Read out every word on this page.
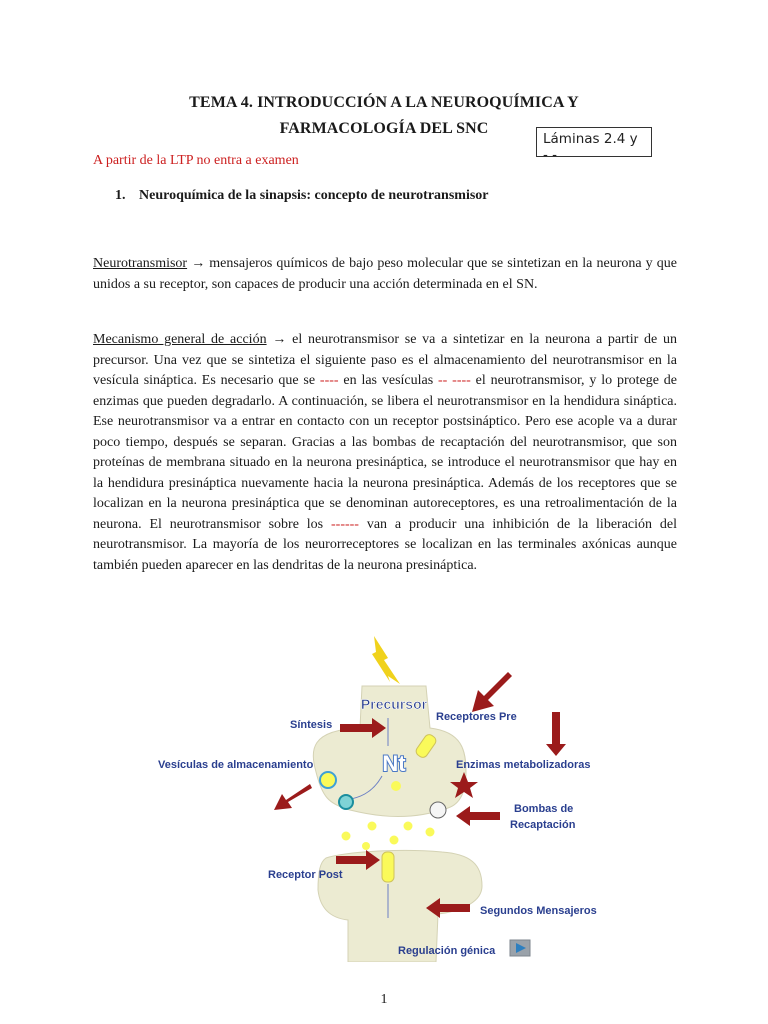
TEMA 4. INTRODUCCIÓN A LA NEUROQUÍMICA Y
FARMACOLOGÍA DEL SNC
Láminas 2.4 y
- -
A partir de la LTP no entra a examen
1. Neuroquímica de la sinapsis: concepto de neurotransmisor

Neurotransmisor → mensajeros químicos de bajo peso molecular que se sintetizan en la neurona y que unidos a su receptor, son capaces de producir una acción determinada en el SN.

Mecanismo general de acción → el neurotransmisor se va a sintetizar en la neurona a partir de un precursor. Una vez que se sintetiza el siguiente paso es el almacenamiento del neurotransmisor en la vesícula sináptica. Es necesario que se ---- en las vesículas -- ---- el neurotransmisor, y lo protege de enzimas que pueden degradarlo. A continuación, se libera el neurotransmisor en la hendidura sináptica. Ese neurotransmisor va a entrar en contacto con un receptor postsináptico. Pero ese acople va a durar poco tiempo, después se separan. Gracias a las bombas de recaptación del neurotransmisor, que son proteínas de membrana situado en la neurona presináptica, se introduce el neurotransmisor que hay en la hendidura presináptica nuevamente hacia la neurona presináptica. Además de los receptores que se localizan en la neurona presináptica que se denominan autoreceptores, es una retroalimentación de la neurona. El neurotransmisor sobre los ------ van a producir una inhibición de la liberación del neurotransmisor. La mayoría de los neurorreceptores se localizan en las terminales axónicas aunque también pueden aparecer en las dendritas de la neurona presináptica.

Precursor
Nt
Síntesis
Receptores Pre
Vesículas de almacenamiento	Enzimas metabolizadoras
Bombas de
Recaptación
Receptor Post
Segundos Mensajeros
Regulación génica
1
